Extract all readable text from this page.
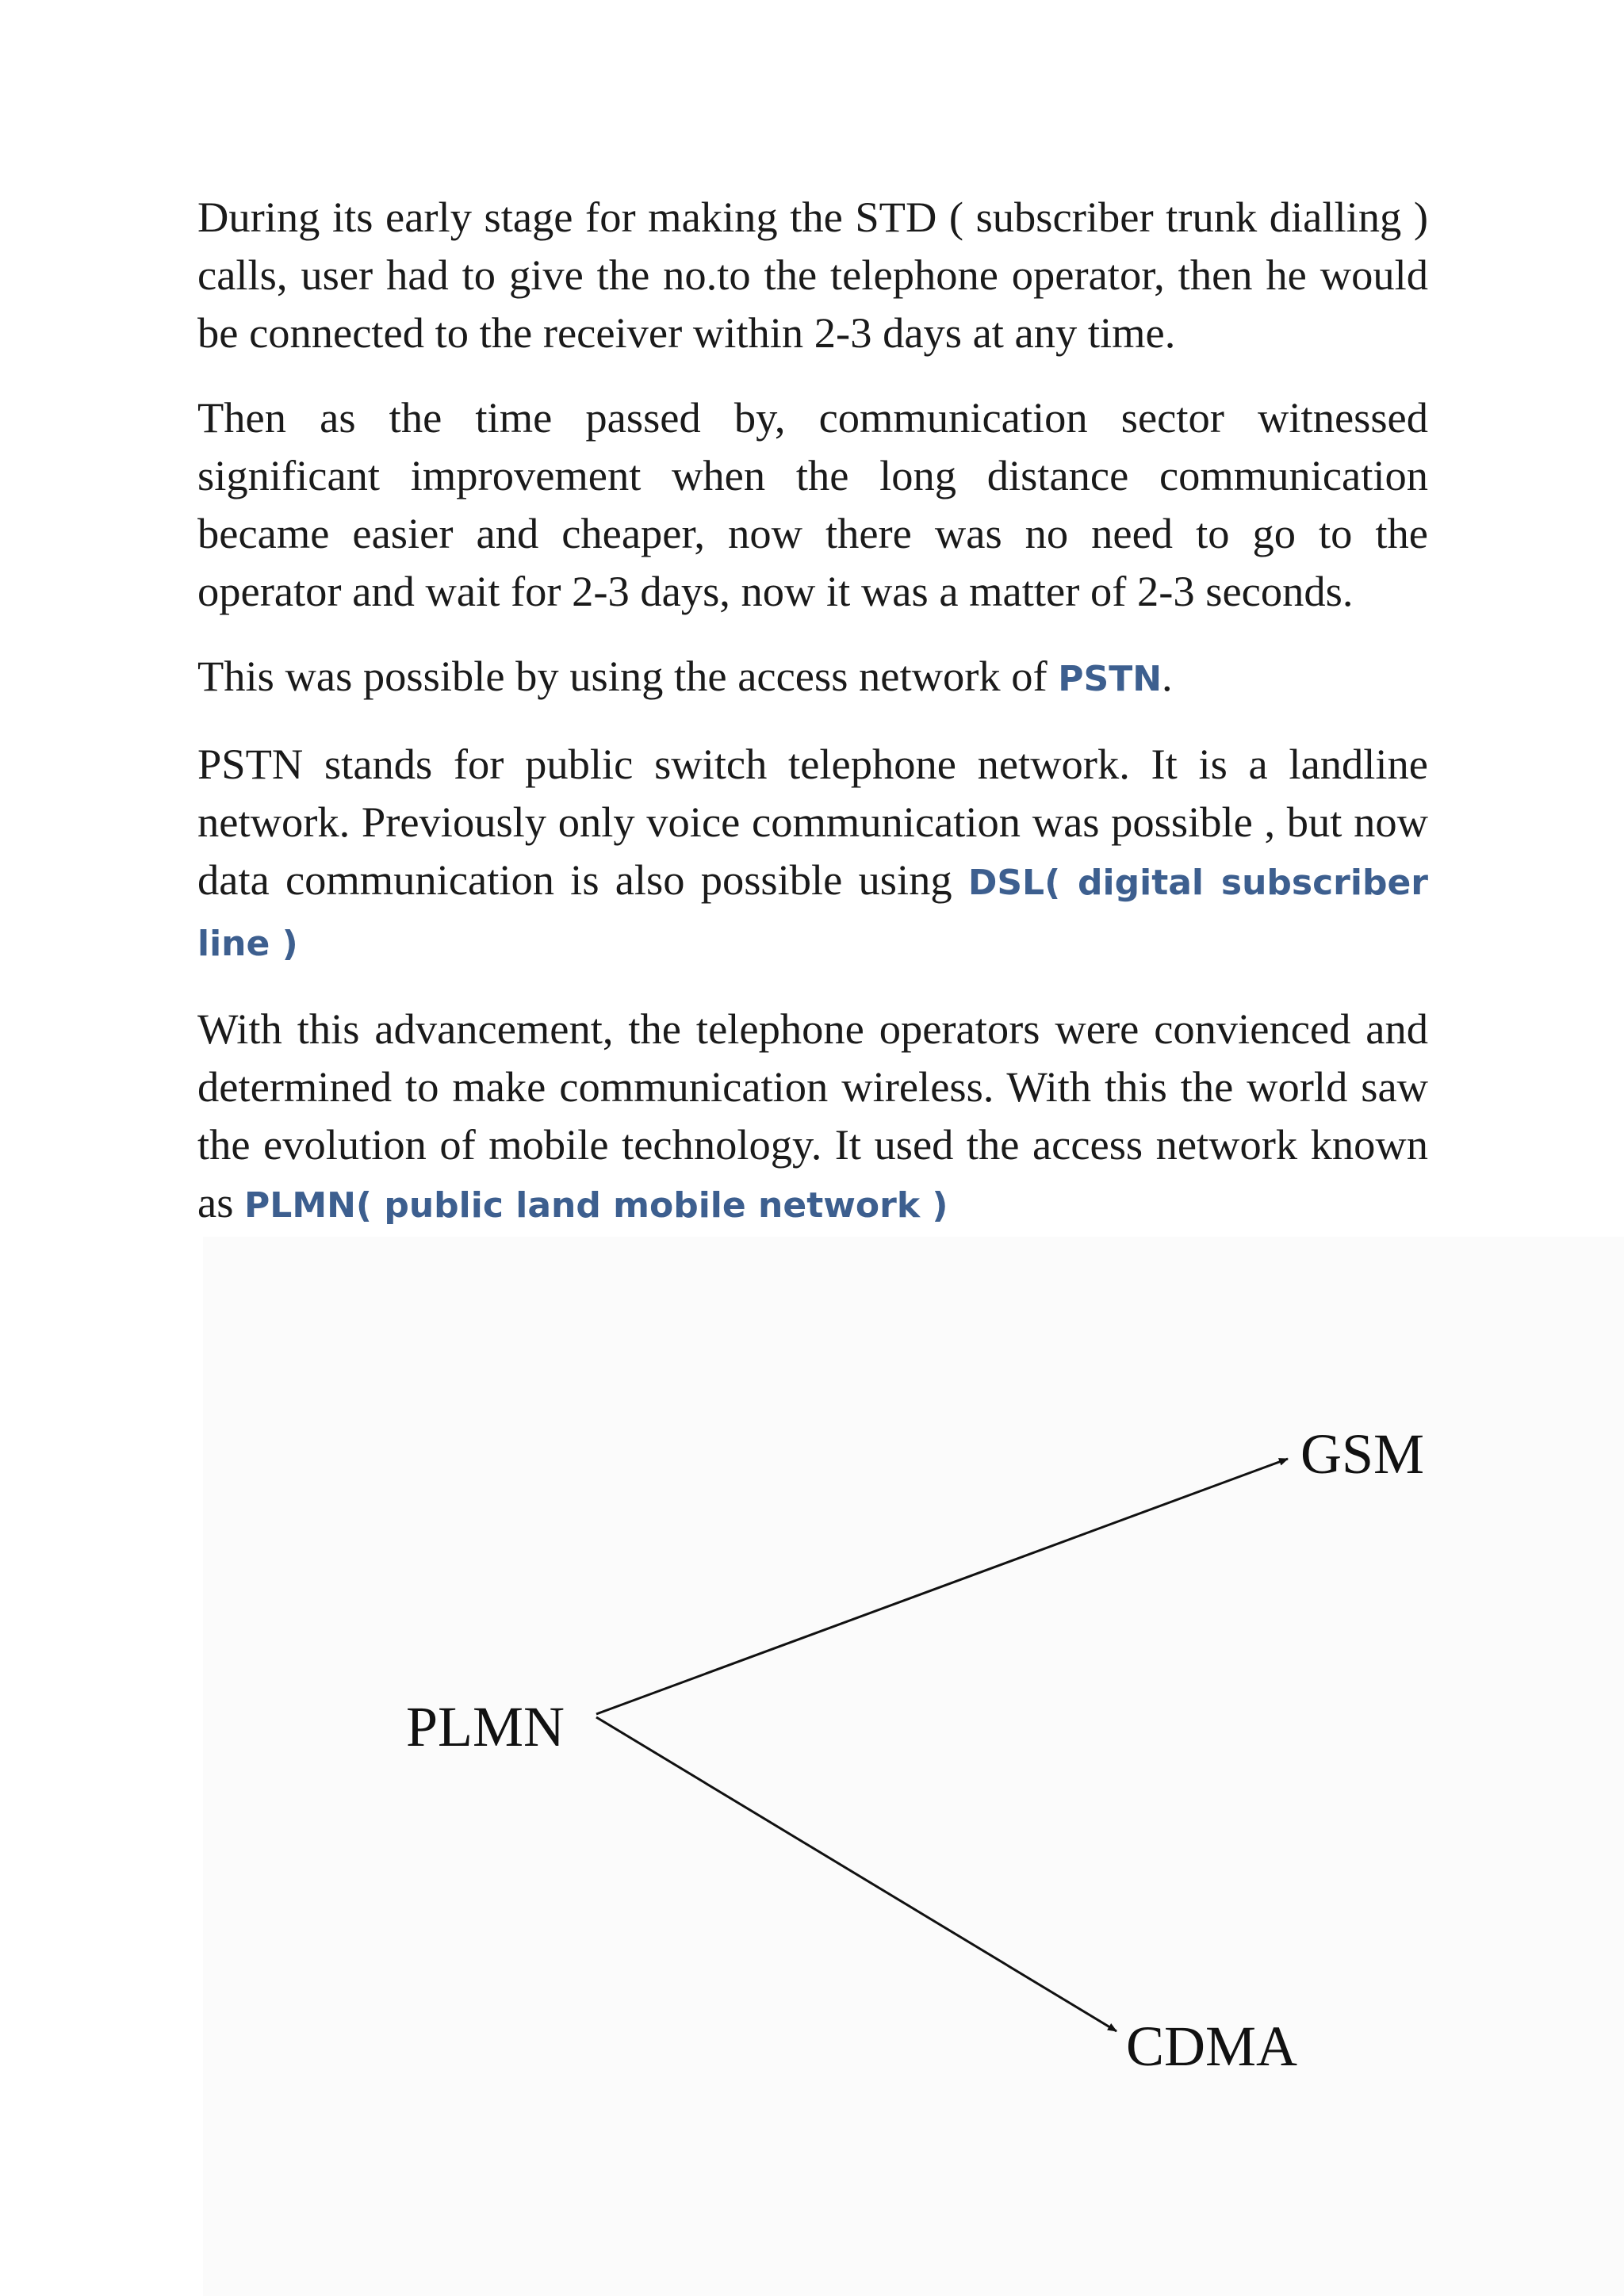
During its early stage for making the STD ( subscriber trunk dialling ) calls, user had to give the no.to the telephone operator, then he would be connected to the receiver within 2-3 days at any time.

Then as the time passed by, communication sector witnessed significant improvement when the long distance communication became easier and cheaper, now there was no need to go to the operator and wait for 2-3 days, now it was a matter of 2-3 seconds.

This was possible by using the access network of PSTN.

PSTN stands for public switch telephone network. It is a landline network. Previously only voice communication was possible , but now data communication is also possible using DSL( digital subscriber line )

With this advancement, the telephone operators were convienced and determined to make communication wireless. With this the world saw the evolution of mobile technology. It used the access network known as PLMN( public land mobile network )

PLMN
GSM
CDMA
